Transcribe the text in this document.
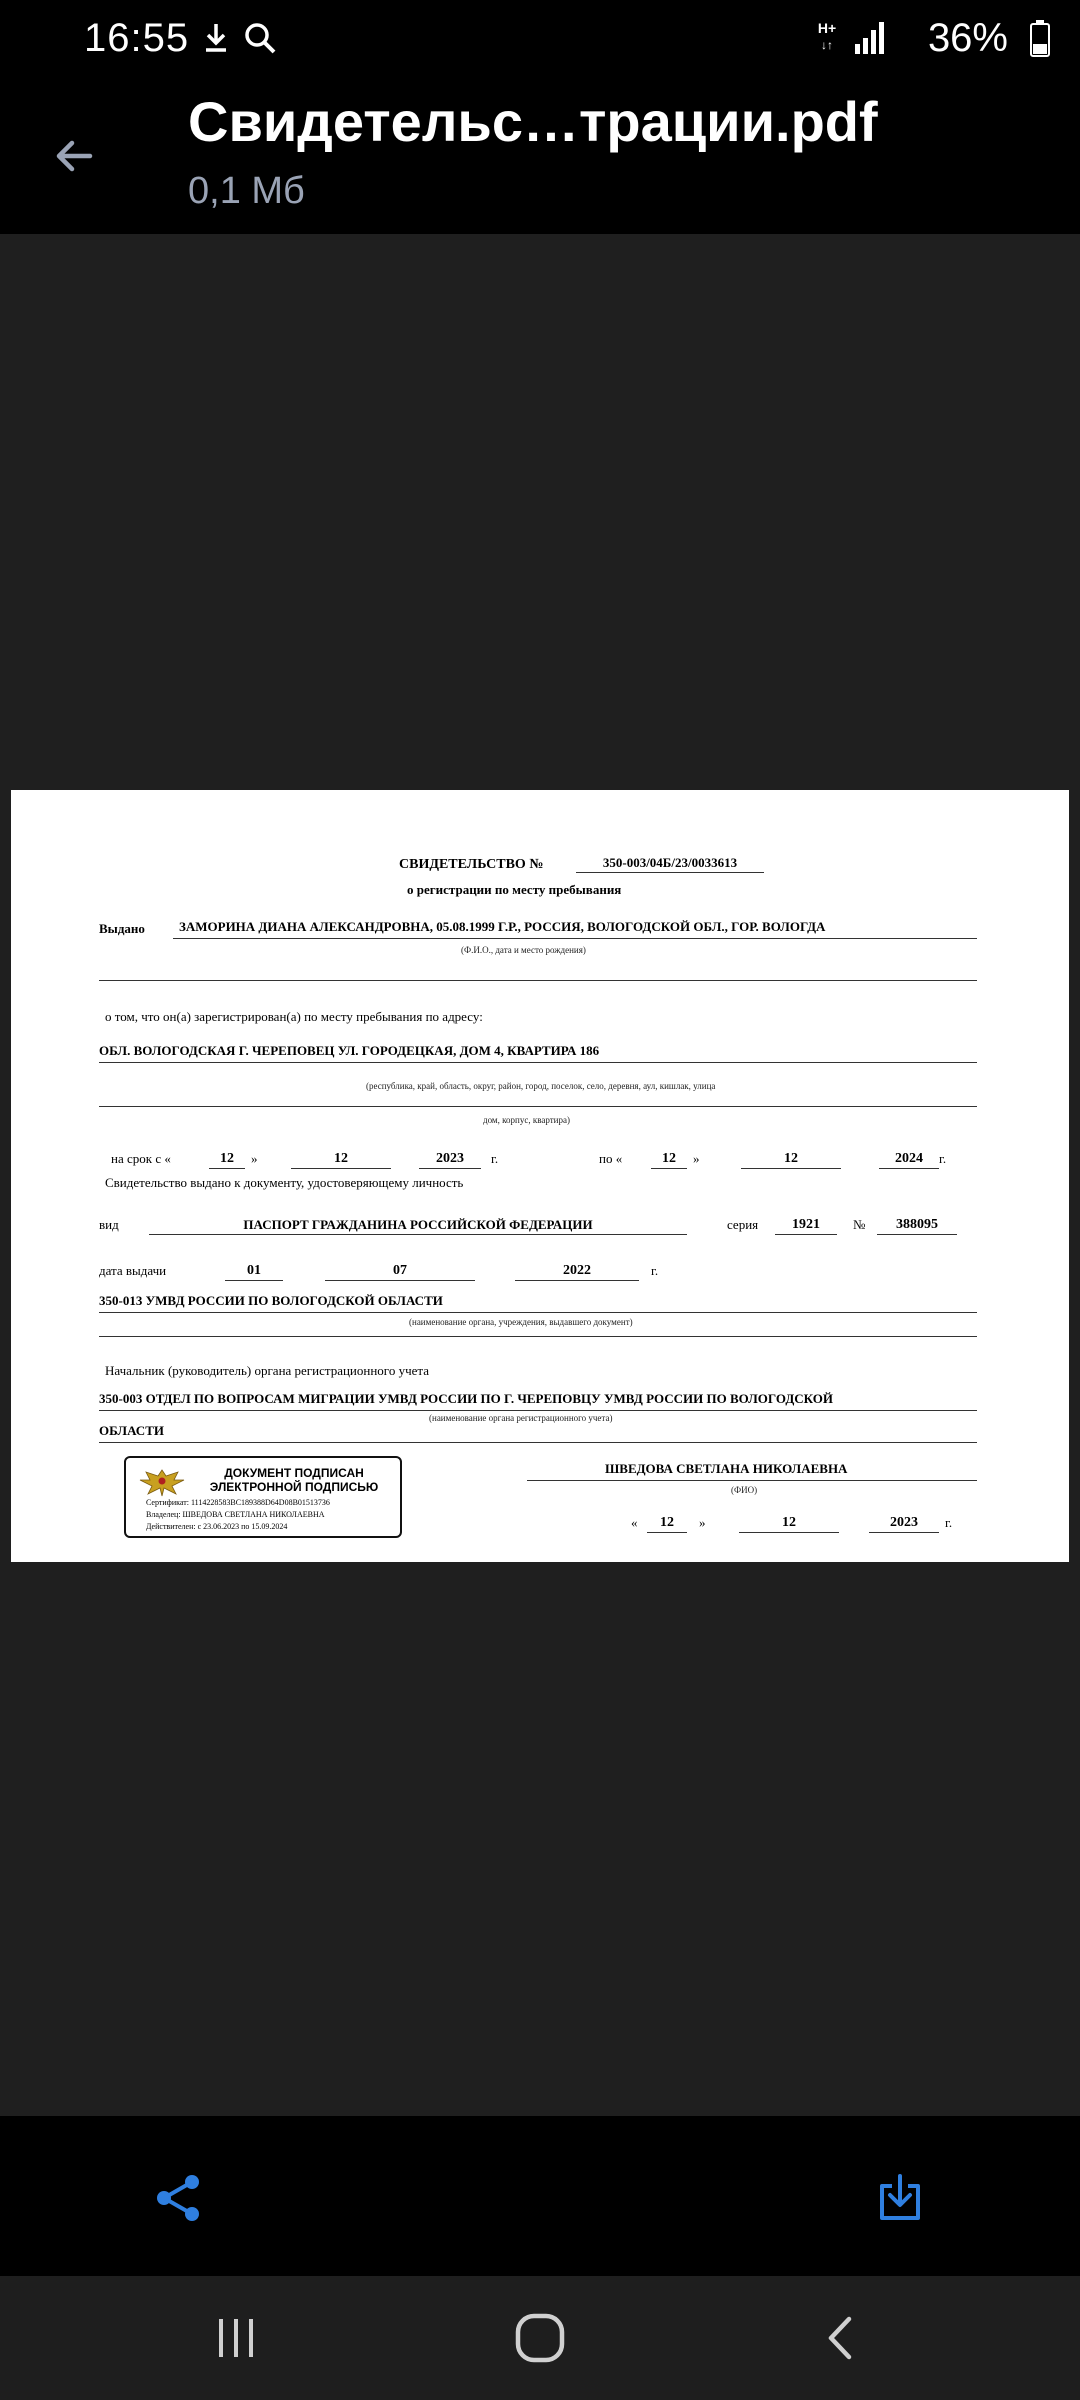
16:55	H+
↓↑ 36%
Свидетельс…трации.pdf
0,1 Мб
СВИДЕТЕЛЬСТВО №	350-003/04Б/23/0033613
о регистрации по месту пребывания
Выдано	ЗАМОРИНА ДИАНА АЛЕКСАНДРОВНА, 05.08.1999 Г.Р., РОССИЯ, ВОЛОГОДСКОЙ ОБЛ., ГОР. ВОЛОГДА
(Ф.И.О., дата и место рождения)
о том, что он(а) зарегистрирован(а) по месту пребывания по адресу:
ОБЛ. ВОЛОГОДСКАЯ Г. ЧЕРЕПОВЕЦ УЛ. ГОРОДЕЦКАЯ, ДОМ 4, КВАРТИРА 186
(республика, край, область, округ, район, город, поселок, село, деревня, аул, кишлак, улица
дом, корпус, квартира)
на срок с «	12	»	12	2023	г.	по «	12	»	12	2024	г.
Свидетельство выдано к документу, удостоверяющему личность
вид	ПАСПОРТ ГРАЖДАНИНА РОССИЙСКОЙ ФЕДЕРАЦИИ	серия	1921	№	388095
дата выдачи	01	07	2022	г.
350-013 УМВД РОССИИ ПО ВОЛОГОДСКОЙ ОБЛАСТИ
(наименование органа, учреждения, выдавшего документ)
Начальник (руководитель) органа регистрационного учета
350-003 ОТДЕЛ ПО ВОПРОСАМ МИГРАЦИИ УМВД РОССИИ ПО Г. ЧЕРЕПОВЦУ УМВД РОССИИ ПО ВОЛОГОДСКОЙ
(наименование органа регистрационного учета)
ОБЛАСТИ
ДОКУМЕНТ ПОДПИСАН
ЭЛЕКТРОННОЙ ПОДПИСЬЮ
Сертификат: 1114228583BC189388D64D08B015137З6
Владелец: ШВЕДОВА СВЕТЛАНА НИКОЛАЕВНА
Действителен: с 23.06.2023 по 15.09.2024
ШВЕДОВА СВЕТЛАНА НИКОЛАЕВНА
(ФИО)
«	12	»	12	2023	г.
